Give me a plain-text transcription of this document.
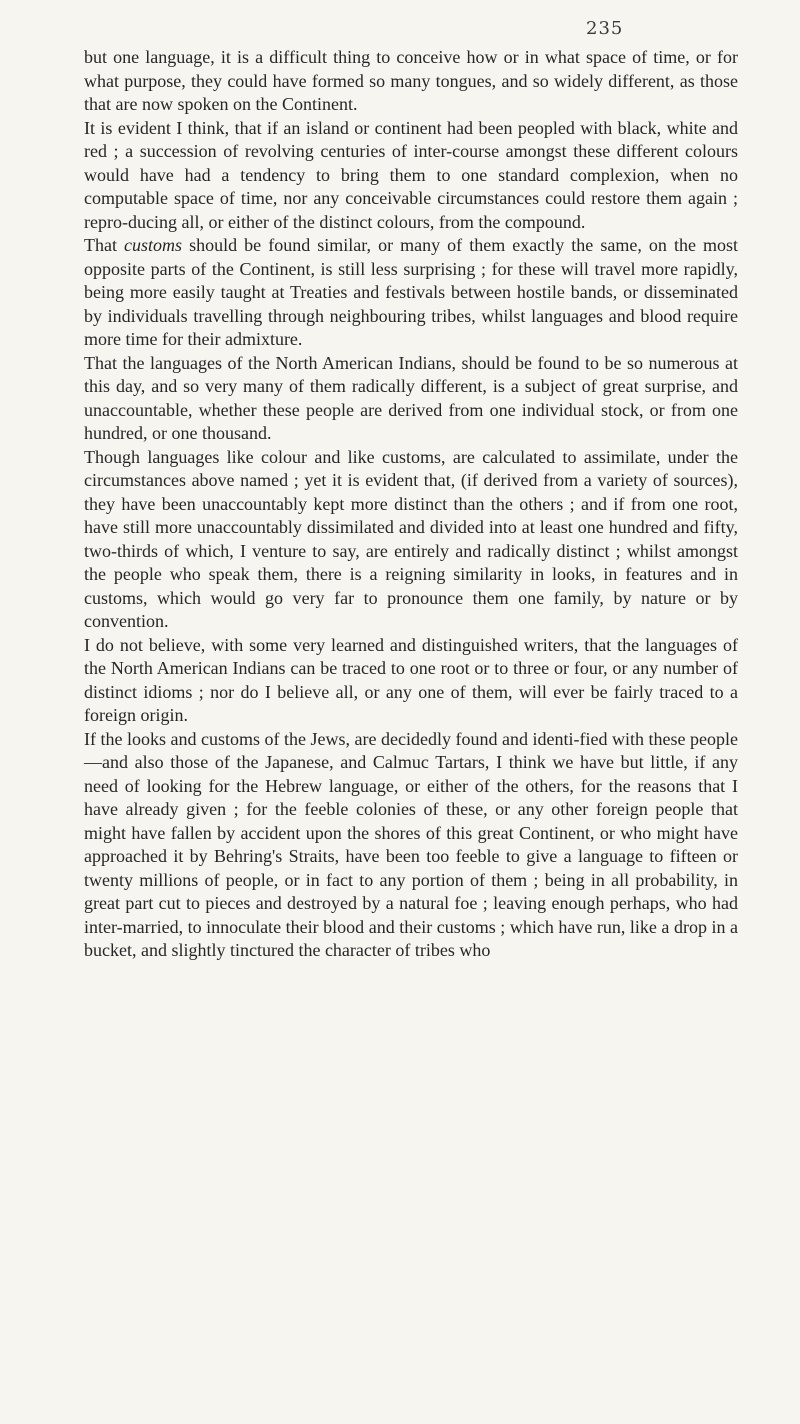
235

but one language, it is a difficult thing to conceive how or in what space of time, or for what purpose, they could have formed so many tongues, and so widely different, as those that are now spoken on the Continent.

It is evident I think, that if an island or continent had been peopled with black, white and red ; a succession of revolving centuries of inter-course amongst these different colours would have had a tendency to bring them to one standard complexion, when no computable space of time, nor any conceivable circumstances could restore them again ; repro-ducing all, or either of the distinct colours, from the compound.

That customs should be found similar, or many of them exactly the same, on the most opposite parts of the Continent, is still less surprising ; for these will travel more rapidly, being more easily taught at Treaties and festivals between hostile bands, or disseminated by individuals travelling through neighbouring tribes, whilst languages and blood require more time for their admixture.

That the languages of the North American Indians, should be found to be so numerous at this day, and so very many of them radically different, is a subject of great surprise, and unaccountable, whether these people are derived from one individual stock, or from one hundred, or one thousand.

Though languages like colour and like customs, are calculated to assimilate, under the circumstances above named ; yet it is evident that, (if derived from a variety of sources), they have been unaccountably kept more distinct than the others ; and if from one root, have still more unaccountably dissimilated and divided into at least one hundred and fifty, two-thirds of which, I venture to say, are entirely and radically distinct ; whilst amongst the people who speak them, there is a reigning similarity in looks, in features and in customs, which would go very far to pronounce them one family, by nature or by convention.

I do not believe, with some very learned and distinguished writers, that the languages of the North American Indians can be traced to one root or to three or four, or any number of distinct idioms ; nor do I believe all, or any one of them, will ever be fairly traced to a foreign origin.

If the looks and customs of the Jews, are decidedly found and identi-fied with these people—and also those of the Japanese, and Calmuc Tartars, I think we have but little, if any need of looking for the Hebrew language, or either of the others, for the reasons that I have already given ; for the feeble colonies of these, or any other foreign people that might have fallen by accident upon the shores of this great Continent, or who might have approached it by Behring's Straits, have been too feeble to give a language to fifteen or twenty millions of people, or in fact to any portion of them ; being in all probability, in great part cut to pieces and destroyed by a natural foe ; leaving enough perhaps, who had inter-married, to innoculate their blood and their customs ; which have run, like a drop in a bucket, and slightly tinctured the character of tribes who
